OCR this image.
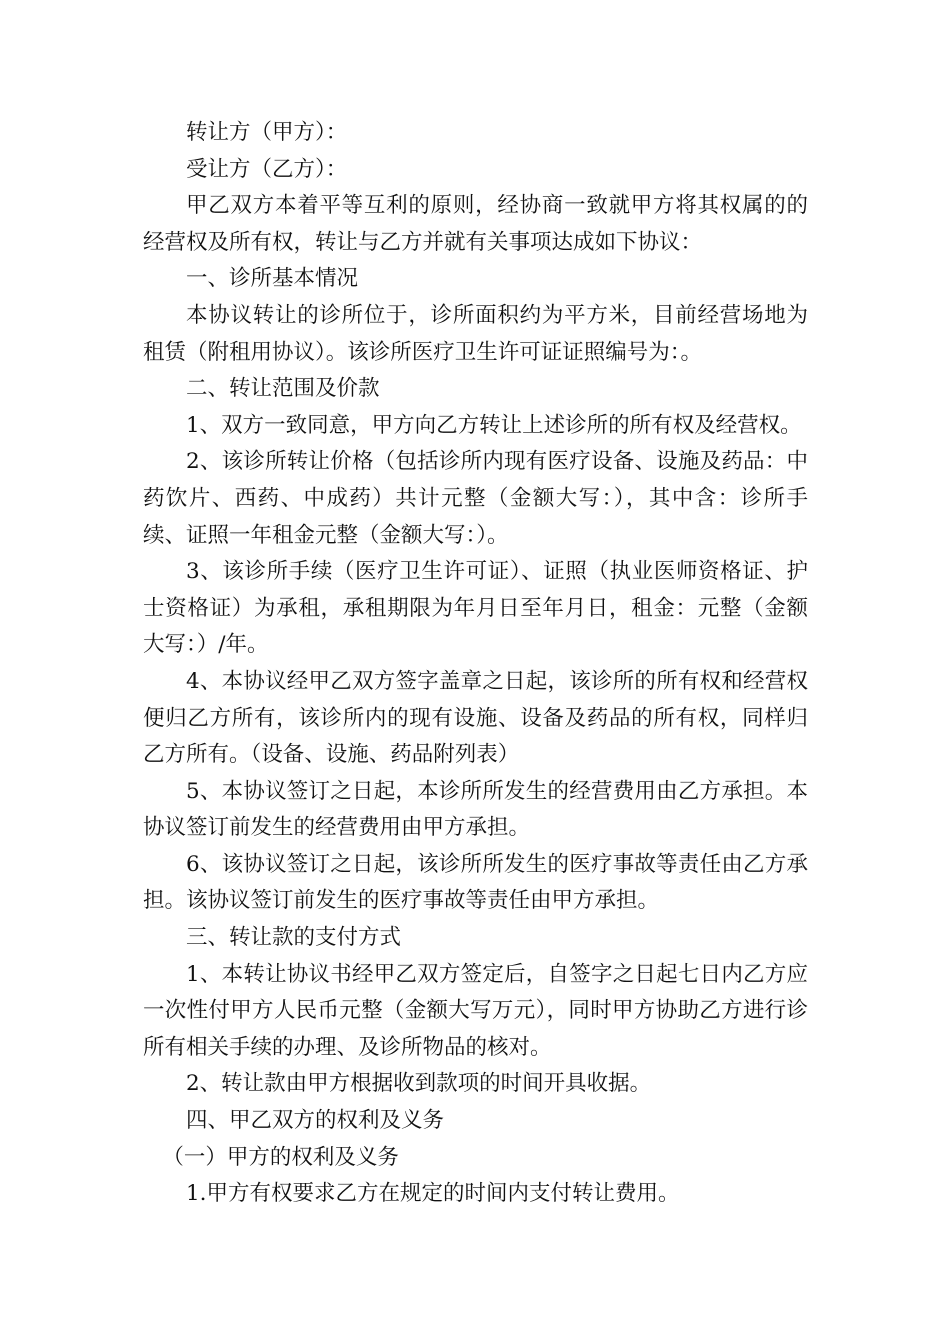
转让方（甲方）：

受让方（乙方）：

甲乙双方本着平等互利的原则，经协商一致就甲方将其权属的的经营权及所有权，转让与乙方并就有关事项达成如下协议：

一、诊所基本情况

本协议转让的诊所位于，诊所面积约为平方米，目前经营场地为租赁（附租用协议）。该诊所医疗卫生许可证证照编号为：。

二、转让范围及价款

1、双方一致同意，甲方向乙方转让上述诊所的所有权及经营权。

2、该诊所转让价格（包括诊所内现有医疗设备、设施及药品：中药饮片、西药、中成药）共计元整（金额大写：），其中含：诊所手续、证照一年租金元整（金额大写：）。

3、该诊所手续（医疗卫生许可证）、证照（执业医师资格证、护士资格证）为承租，承租期限为年月日至年月日，租金：元整（金额大写：）/年。

4、本协议经甲乙双方签字盖章之日起，该诊所的所有权和经营权便归乙方所有，该诊所内的现有设施、设备及药品的所有权，同样归乙方所有。（设备、设施、药品附列表）

5、本协议签订之日起，本诊所所发生的经营费用由乙方承担。本协议签订前发生的经营费用由甲方承担。

6、该协议签订之日起，该诊所所发生的医疗事故等责任由乙方承担。该协议签订前发生的医疗事故等责任由甲方承担。

三、转让款的支付方式

1、本转让协议书经甲乙双方签定后，自签字之日起七日内乙方应一次性付甲方人民币元整（金额大写万元），同时甲方协助乙方进行诊所有相关手续的办理、及诊所物品的核对。

2、转让款由甲方根据收到款项的时间开具收据。

四、甲乙双方的权利及义务

（一）甲方的权利及义务

1.甲方有权要求乙方在规定的时间内支付转让费用。
